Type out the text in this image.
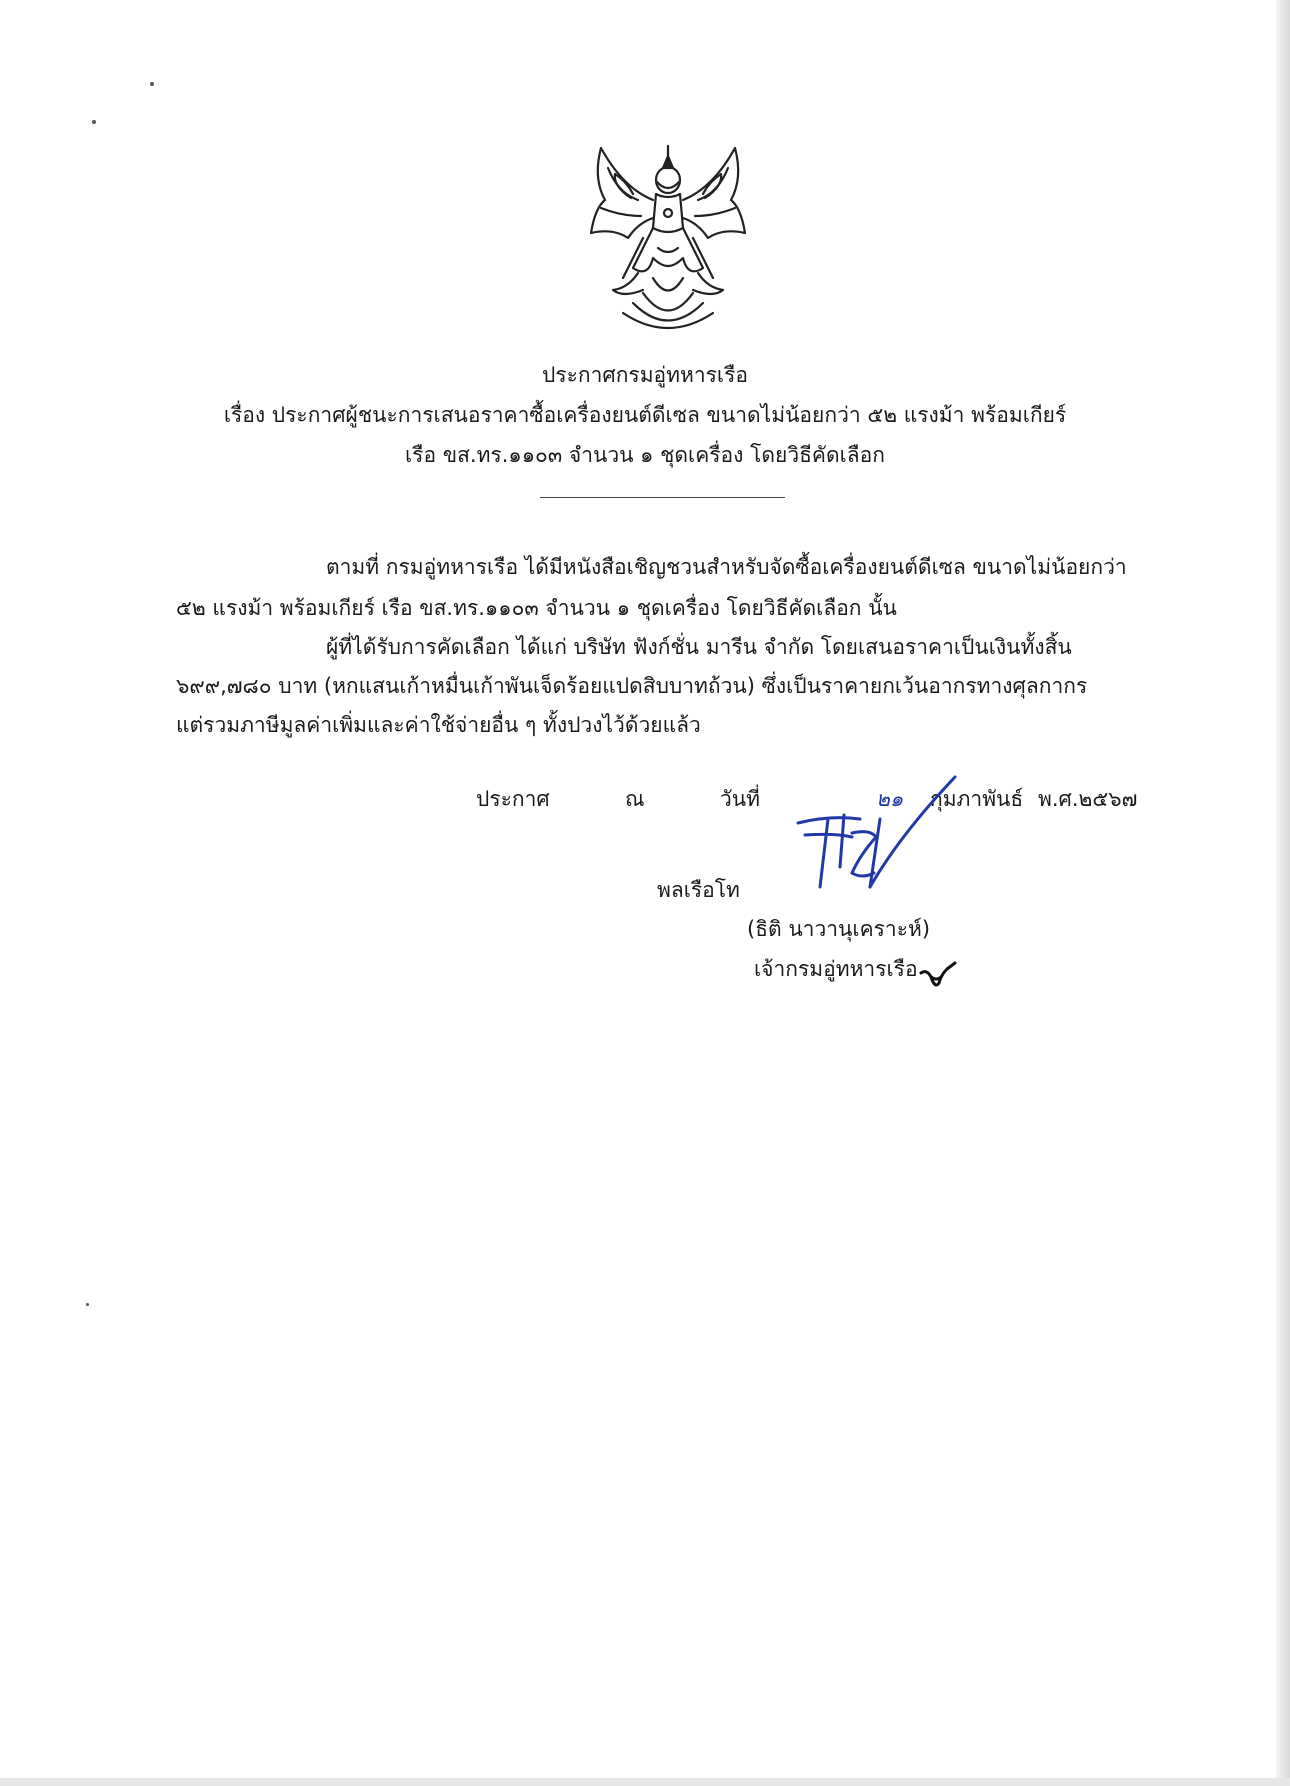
ประกาศกรมอู่ทหารเรือ
เรื่อง ประกาศผู้ชนะการเสนอราคาซื้อเครื่องยนต์ดีเซล ขนาดไม่น้อยกว่า ๕๒ แรงม้า พร้อมเกียร์
เรือ ขส.ทร.๑๑๐๓ จำนวน ๑ ชุดเครื่อง โดยวิธีคัดเลือก
ตามที่ กรมอู่ทหารเรือ ได้มีหนังสือเชิญชวนสำหรับจัดซื้อเครื่องยนต์ดีเซล ขนาดไม่น้อยกว่า
๕๒ แรงม้า พร้อมเกียร์ เรือ ขส.ทร.๑๑๐๓ จำนวน ๑ ชุดเครื่อง โดยวิธีคัดเลือก นั้น
ผู้ที่ได้รับการคัดเลือก ได้แก่ บริษัท ฟังก์ชั่น มารีน จำกัด โดยเสนอราคาเป็นเงินทั้งสิ้น
๖๙๙,๗๘๐ บาท (หกแสนเก้าหมื่นเก้าพันเจ็ดร้อยแปดสิบบาทถ้วน) ซึ่งเป็นราคายกเว้นอากรทางศุลกากร
แต่รวมภาษีมูลค่าเพิ่มและค่าใช้จ่ายอื่น ๆ ทั้งปวงไว้ด้วยแล้ว
ประกาศ	ณ	วันที่	๒๑ กุมภาพันธ์ พ.ศ.๒๕๖๗
พลเรือโท
(ธิติ นาวานุเคราะห์)
เจ้ากรมอู่ทหารเรือ
